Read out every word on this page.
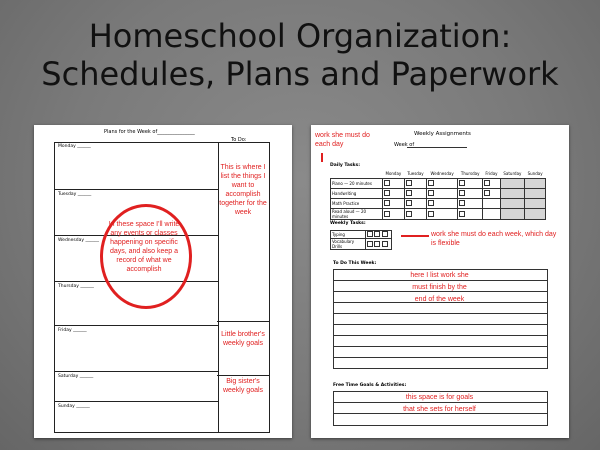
Homeschool Organization:
Schedules, Plans and Paperwork
Plans for the Week of_______________
To Do:
Monday ______
Tuesday ______
Wednesday ______
Thursday ______
Friday ______
Saturday ______
Sunday ______
In these space I'll write any events or classes happening on specific days, and also keep a record of what we accomplish
This is where I list the things I want to accomplish together for the week
Little brother's weekly goals
Big sister's weekly goals
Weekly Assignments
Week of
work she must do each day
Daily Tasks:
	Monday	Tuesday	Wednesday	Thursday	Friday	Saturday	Sunday
Piano — 20 minutes							
Handwriting							
Math Practice							
Read aloud — 20 minutes							
Weekly Tasks:
Typing	
Vocabulary Drills	
work she must do each week, which day is flexible
To Do This Week:
here I list work she
must finish by the
end of the week
Free Time Goals & Activities:
this space is for goals
that she sets for herself
